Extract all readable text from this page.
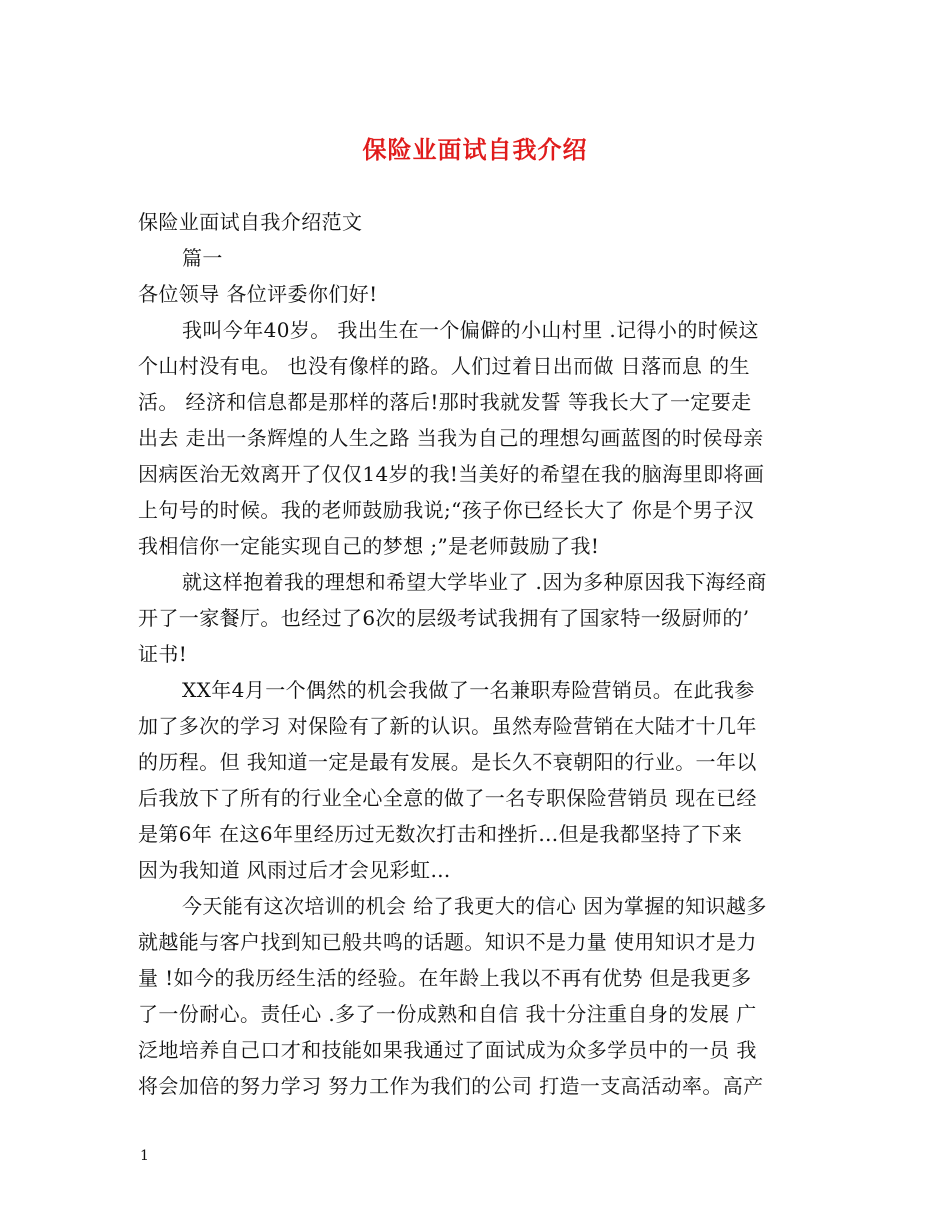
保险业面试自我介绍
保险业面试自我介绍范文
篇一
各位领导 各位评委你们好!
我叫今年40岁。 我出生在一个偏僻的小山村里 .记得小的时候这
个山村没有电。 也没有像样的路。人们过着日出而做 日落而息 的生
活。 经济和信息都是那样的落后!那时我就发誓 等我长大了一定要走
出去 走出一条辉煌的人生之路 当我为自己的理想勾画蓝图的时侯母亲
因病医治无效离开了仅仅14岁的我!当美好的希望在我的脑海里即将画
上句号的时候。我的老师鼓励我说;“孩子你已经长大了 你是个男子汉
我相信你一定能实现自己的梦想 ;”是老师鼓励了我!
就这样抱着我的理想和希望大学毕业了 .因为多种原因我下海经商
开了一家餐厅。也经过了6次的层级考试我拥有了国家特一级厨师的’
证书!
XX年4月一个偶然的机会我做了一名兼职寿险营销员。在此我参
加了多次的学习 对保险有了新的认识。虽然寿险营销在大陆才十几年
的历程。但 我知道一定是最有发展。是长久不衰朝阳的行业。一年以
后我放下了所有的行业全心全意的做了一名专职保险营销员 现在已经
是第6年 在这6年里经历过无数次打击和挫折…但是我都坚持了下来
因为我知道 风雨过后才会见彩虹…
今天能有这次培训的机会 给了我更大的信心 因为掌握的知识越多
就越能与客户找到知已般共鸣的话题。知识不是力量 使用知识才是力
量 !如今的我历经生活的经验。在年龄上我以不再有优势 但是我更多
了一份耐心。责任心 .多了一份成熟和自信 我十分注重自身的发展 广
泛地培养自己口才和技能如果我通过了面试成为众多学员中的一员 我
将会加倍的努力学习 努力工作为我们的公司 打造一支高活动率。高产
1
